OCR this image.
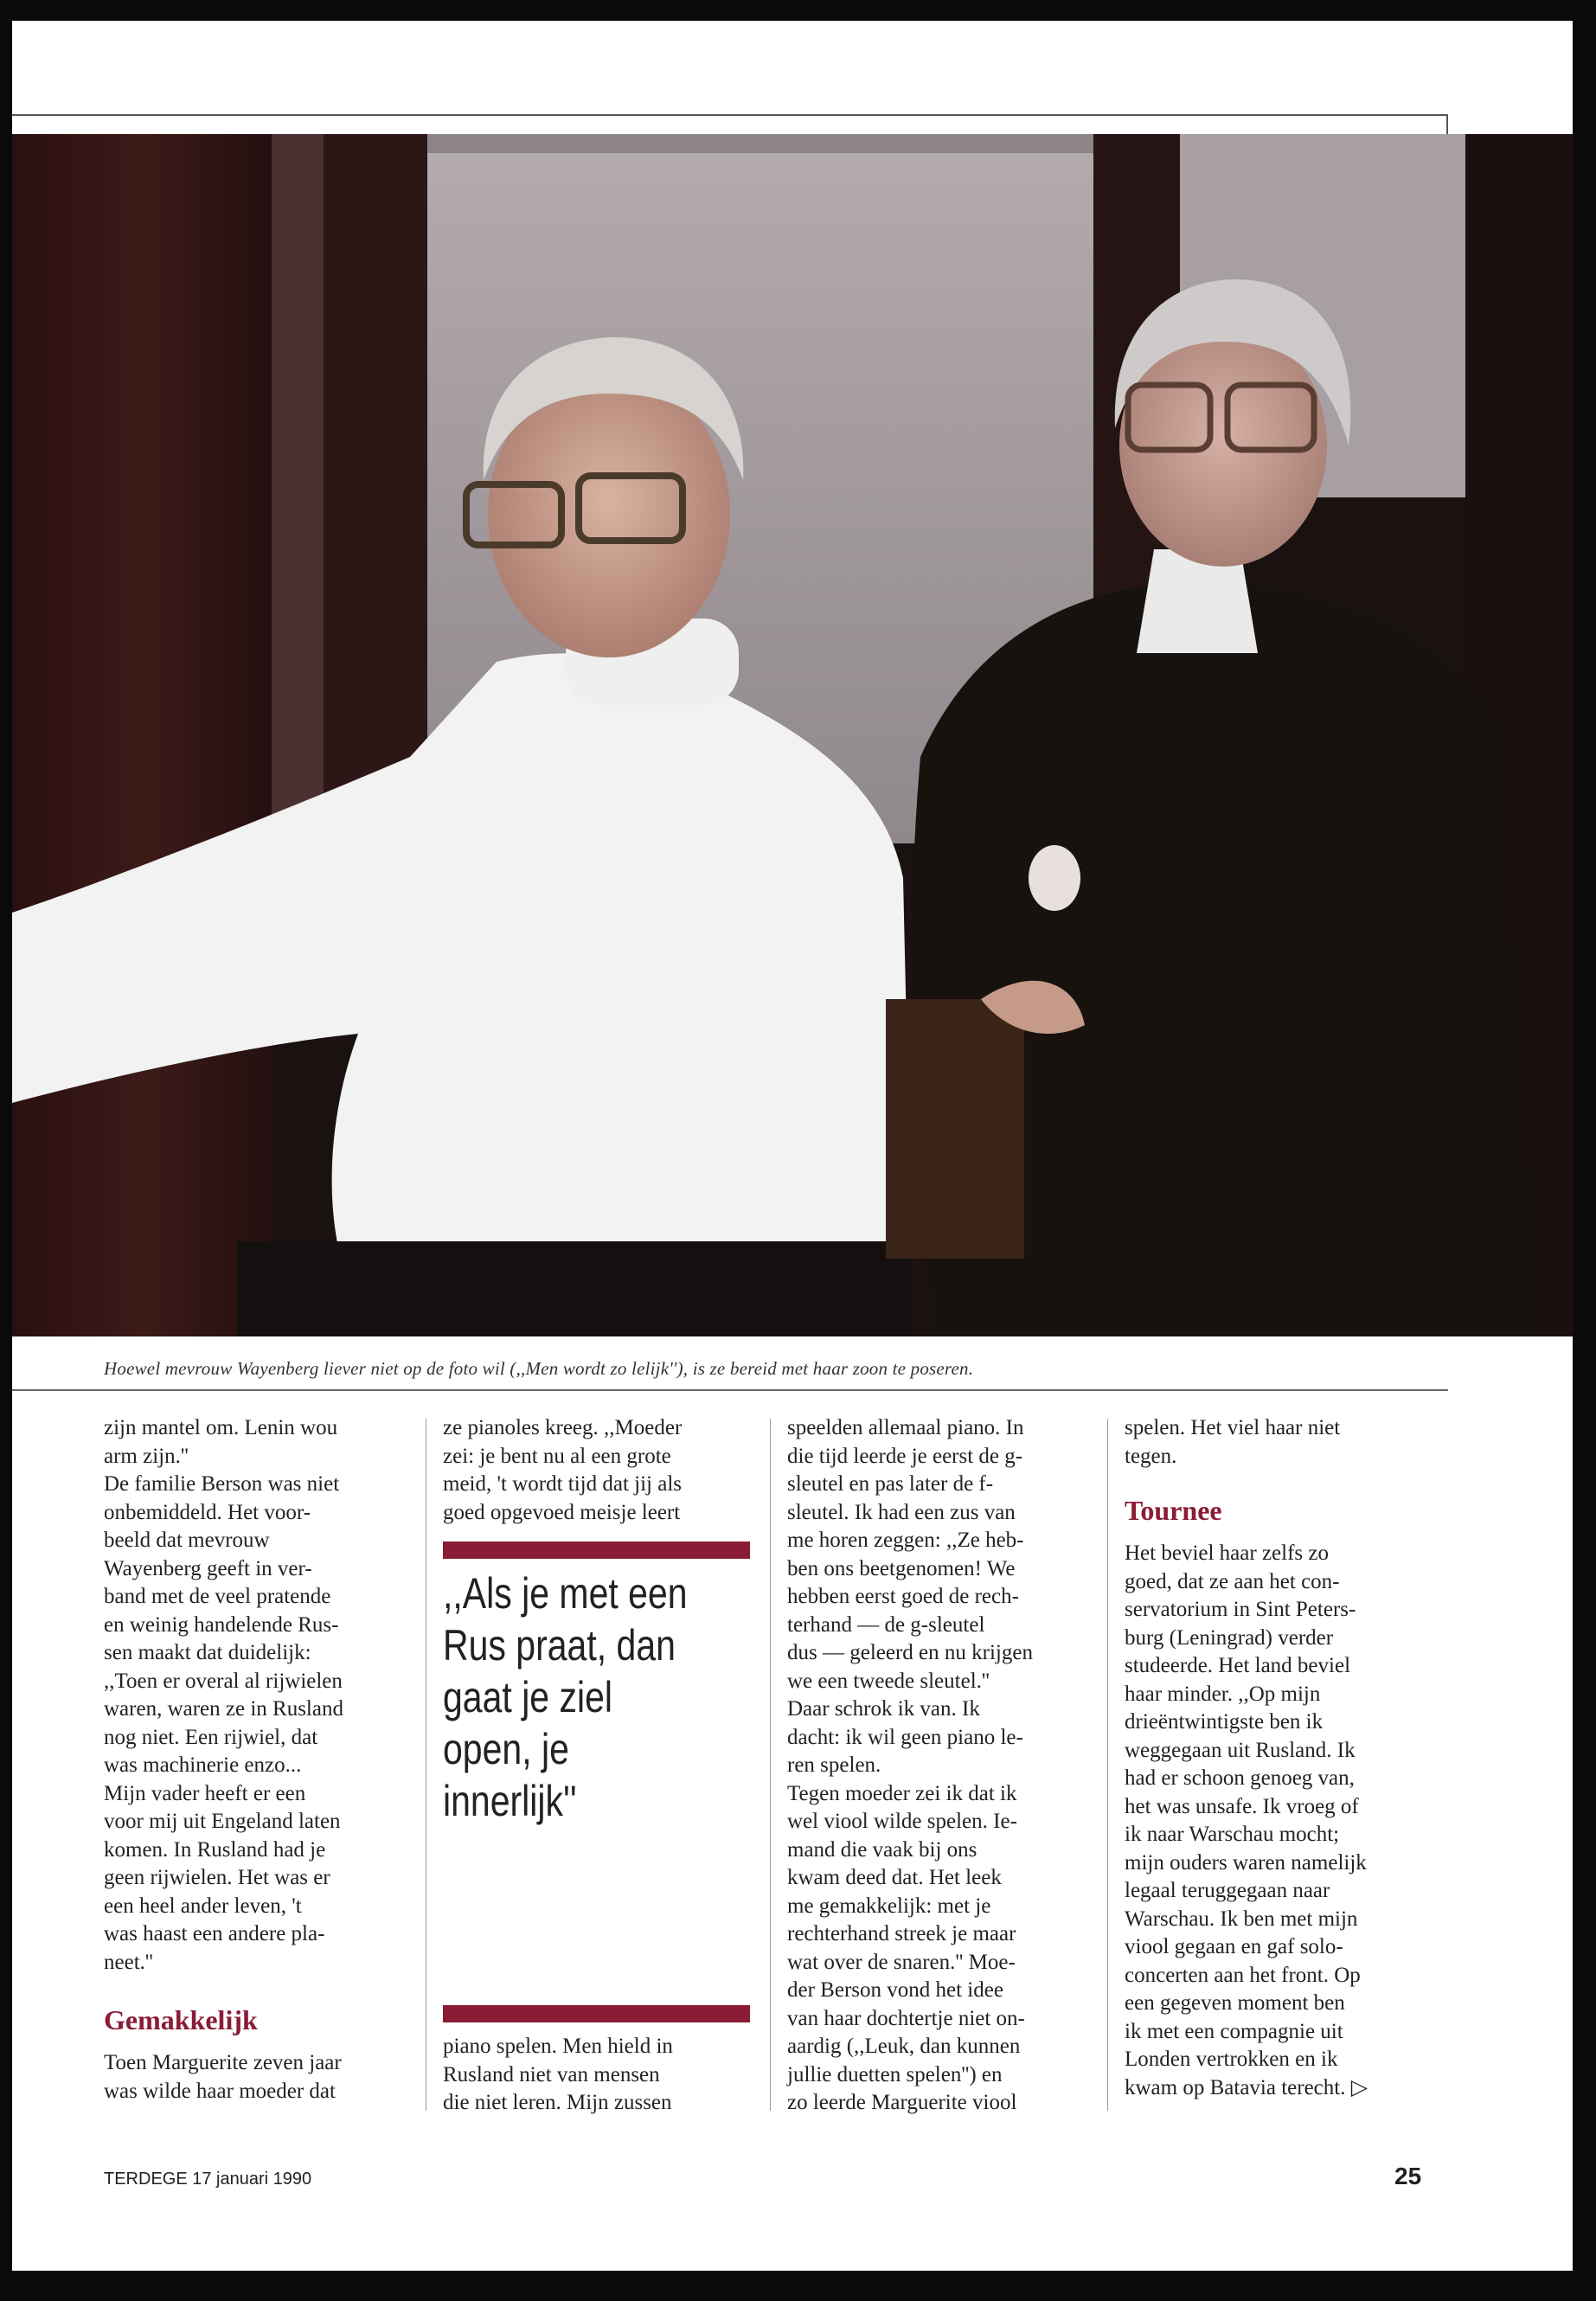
Hoewel mevrouw Wayenberg liever niet op de foto wil (,,Men wordt zo lelijk''), is ze bereid met haar zoon te poseren.
zijn mantel om. Lenin wou
arm zijn.''
De familie Berson was niet
onbemiddeld. Het voor-
beeld dat mevrouw
Wayenberg geeft in ver-
band met de veel pratende
en weinig handelende Rus-
sen maakt dat duidelijk:
,,Toen er overal al rijwielen
waren, waren ze in Rusland
nog niet. Een rijwiel, dat
was machinerie enzo...
Mijn vader heeft er een
voor mij uit Engeland laten
komen. In Rusland had je
geen rijwielen. Het was er
een heel ander leven, 't
was haast een andere pla-
neet.''
Gemakkelijk
Toen Marguerite zeven jaar
was wilde haar moeder dat
ze pianoles kreeg. ,,Moeder
zei: je bent nu al een grote
meid, 't wordt tijd dat jij als
goed opgevoed meisje leert
,,Als je met een
Rus praat, dan
gaat je ziel
open, je
innerlijk''
piano spelen. Men hield in
Rusland niet van mensen
die niet leren. Mijn zussen
speelden allemaal piano. In
die tijd leerde je eerst de g-
sleutel en pas later de f-
sleutel. Ik had een zus van
me horen zeggen: ,,Ze heb-
ben ons beetgenomen! We
hebben eerst goed de rech-
terhand — de g-sleutel
dus — geleerd en nu krijgen
we een tweede sleutel.''
Daar schrok ik van. Ik
dacht: ik wil geen piano le-
ren spelen.
Tegen moeder zei ik dat ik
wel viool wilde spelen. Ie-
mand die vaak bij ons
kwam deed dat. Het leek
me gemakkelijk: met je
rechterhand streek je maar
wat over de snaren.'' Moe-
der Berson vond het idee
van haar dochtertje niet on-
aardig (,,Leuk, dan kunnen
jullie duetten spelen'') en
zo leerde Marguerite viool
spelen. Het viel haar niet
tegen.
Tournee
Het beviel haar zelfs zo
goed, dat ze aan het con-
servatorium in Sint Peters-
burg (Leningrad) verder
studeerde. Het land beviel
haar minder. ,,Op mijn
drieëntwintigste ben ik
weggegaan uit Rusland. Ik
had er schoon genoeg van,
het was unsafe. Ik vroeg of
ik naar Warschau mocht;
mijn ouders waren namelijk
legaal teruggegaan naar
Warschau. Ik ben met mijn
viool gegaan en gaf solo-
concerten aan het front. Op
een gegeven moment ben
ik met een compagnie uit
Londen vertrokken en ik
kwam op Batavia terecht. ▷
TERDEGE 17 januari 1990	25
